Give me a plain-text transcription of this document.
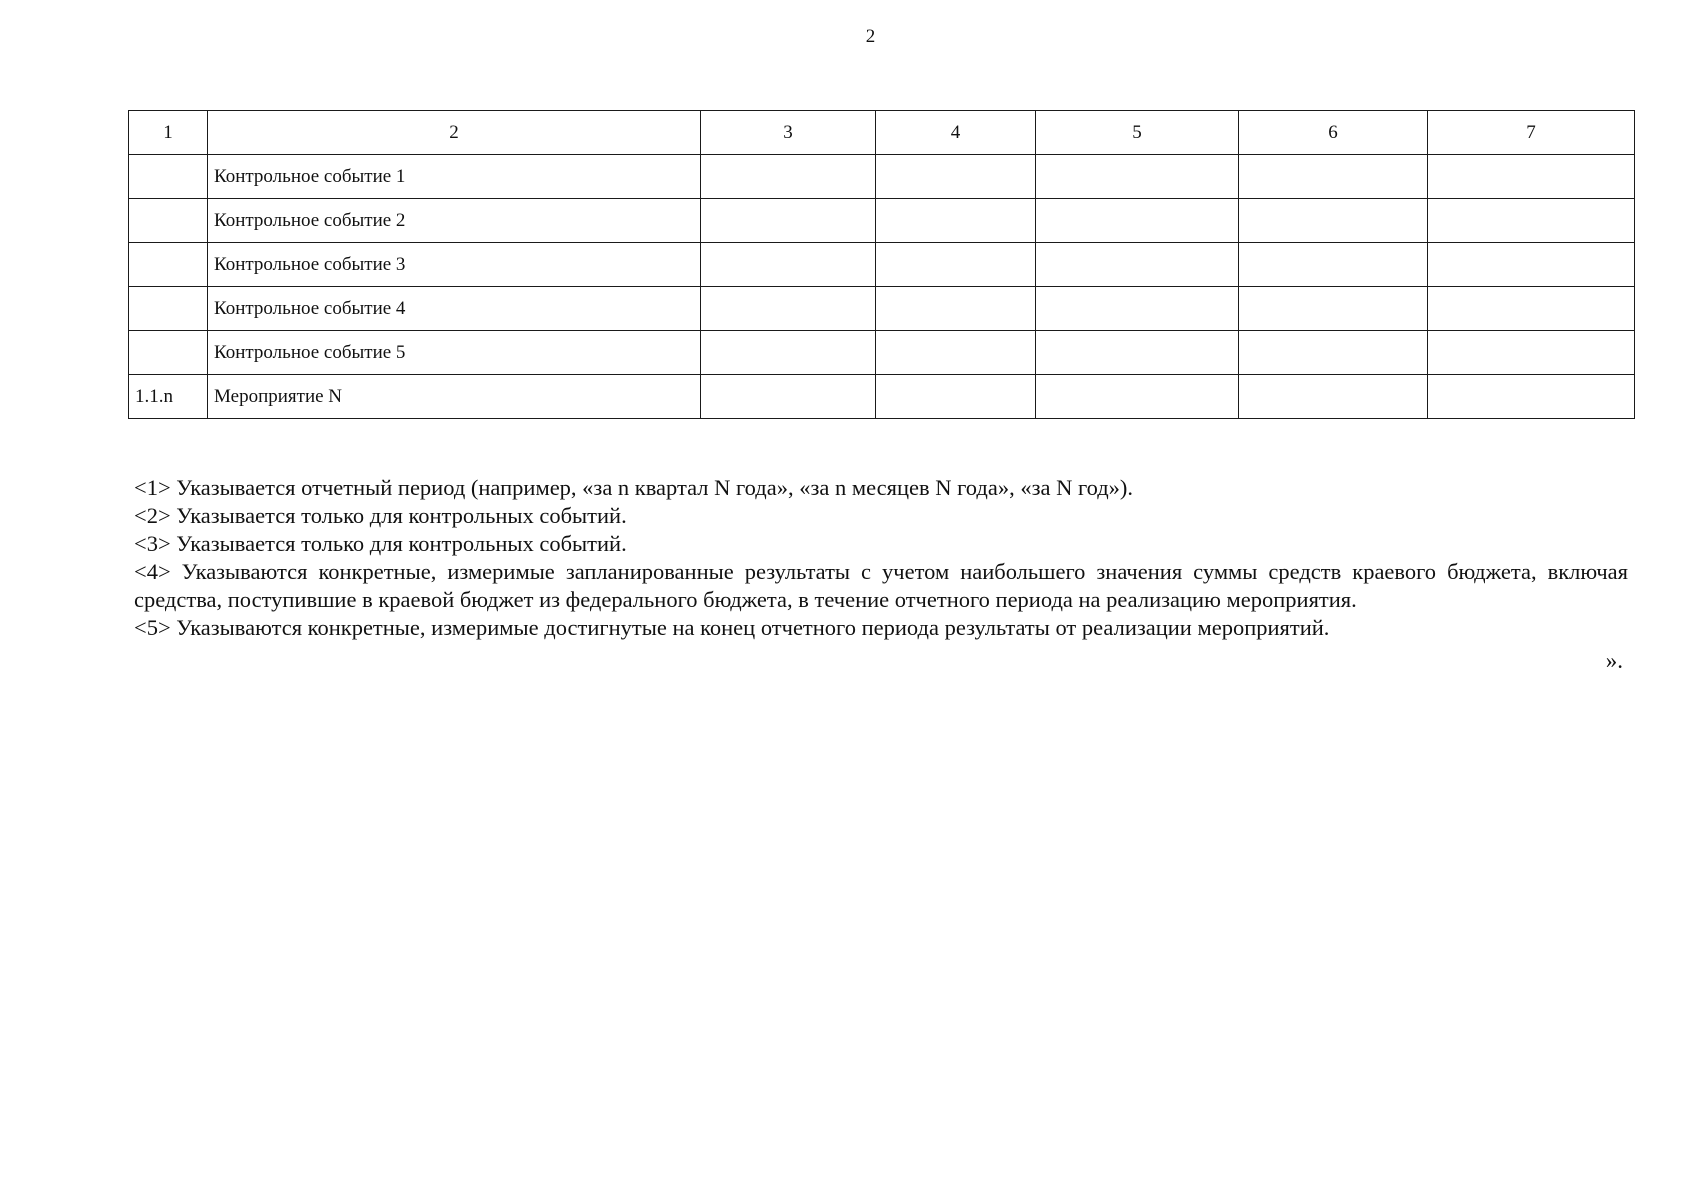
2
1	2	3	4	5	6	7
	Контрольное событие 1					
	Контрольное событие 2					
	Контрольное событие 3					
	Контрольное событие 4					
	Контрольное событие 5					
1.1.n	Мероприятие N					

<1> Указывается отчетный период (например, «за n квартал N года», «за n месяцев N года», «за N год»).

<2> Указывается только для контрольных событий.

<3> Указывается только для контрольных событий.

<4> Указываются конкретные, измеримые запланированные результаты с учетом наибольшего значения суммы средств краевого бюджета, включая средства, поступившие в краевой бюджет из федерального бюджета, в течение отчетного периода на реализацию мероприятия.

<5> Указываются конкретные, измеримые достигнутые на конец отчетного периода результаты от реализации мероприятий.

».
